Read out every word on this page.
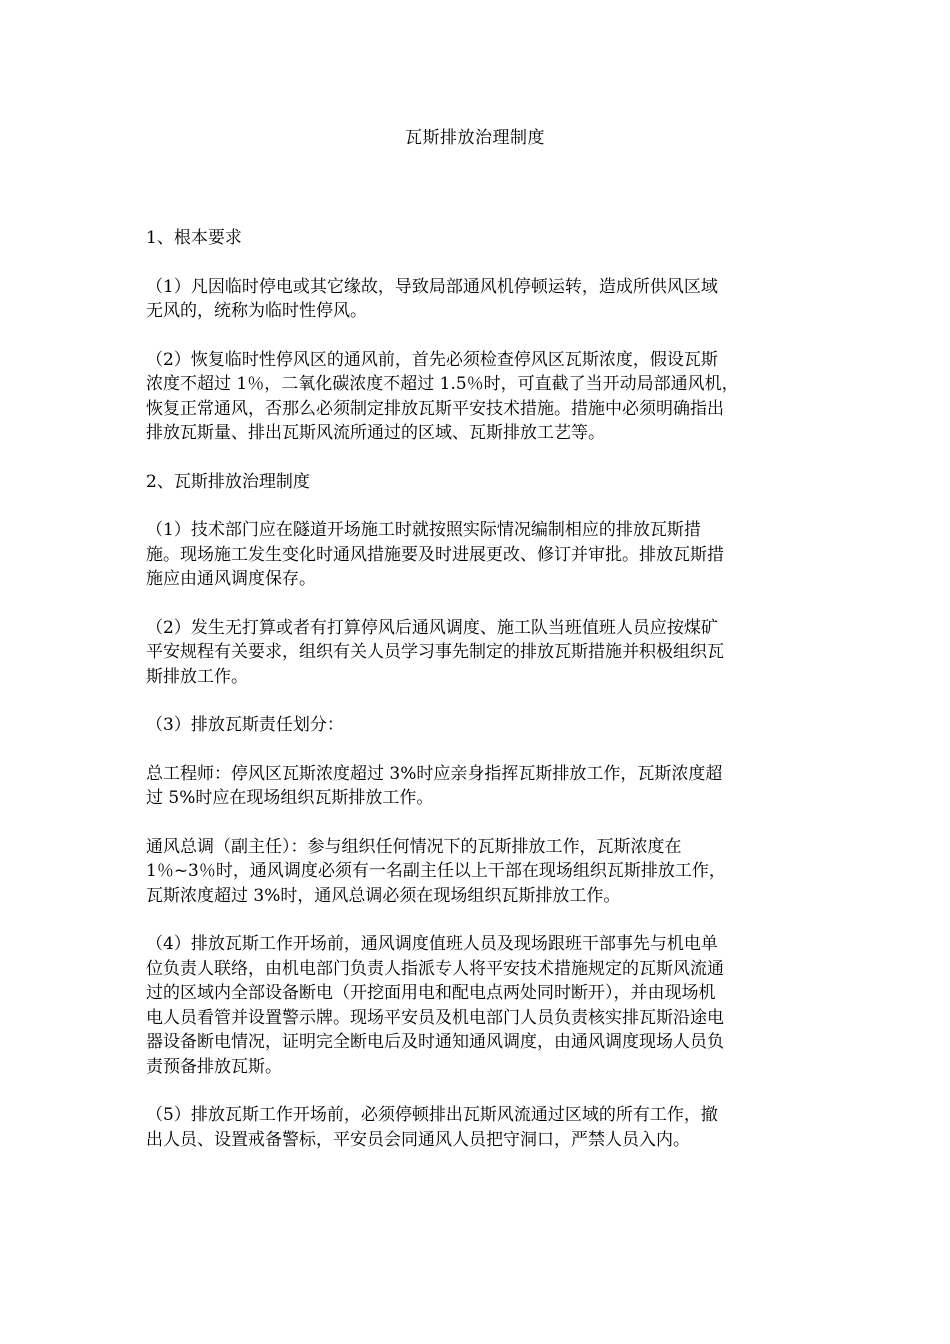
瓦斯排放治理制度

1、根本要求

（1）凡因临时停电或其它缘故，导致局部通风机停顿运转，造成所供风区域
无风的，统称为临时性停风。

（2）恢复临时性停风区的通风前，首先必须检查停风区瓦斯浓度，假设瓦斯
浓度不超过 1％，二氧化碳浓度不超过 1.5％时，可直截了当开动局部通风机，
恢复正常通风，否那么必须制定排放瓦斯平安技术措施。措施中必须明确指出
排放瓦斯量、排出瓦斯风流所通过的区域、瓦斯排放工艺等。

2、瓦斯排放治理制度

（1）技术部门应在隧道开场施工时就按照实际情况编制相应的排放瓦斯措
施。现场施工发生变化时通风措施要及时进展更改、修订并审批。排放瓦斯措
施应由通风调度保存。

（2）发生无打算或者有打算停风后通风调度、施工队当班值班人员应按煤矿
平安规程有关要求，组织有关人员学习事先制定的排放瓦斯措施并积极组织瓦
斯排放工作。

（3）排放瓦斯责任划分：

总工程师：停风区瓦斯浓度超过 3%时应亲身指挥瓦斯排放工作，瓦斯浓度超
过 5%时应在现场组织瓦斯排放工作。

通风总调（副主任）：参与组织任何情况下的瓦斯排放工作，瓦斯浓度在
1％~3％时，通风调度必须有一名副主任以上干部在现场组织瓦斯排放工作，
瓦斯浓度超过 3%时，通风总调必须在现场组织瓦斯排放工作。

（4）排放瓦斯工作开场前，通风调度值班人员及现场跟班干部事先与机电单
位负责人联络，由机电部门负责人指派专人将平安技术措施规定的瓦斯风流通
过的区域内全部设备断电（开挖面用电和配电点两处同时断开），并由现场机
电人员看管并设置警示牌。现场平安员及机电部门人员负责核实排瓦斯沿途电
器设备断电情况，证明完全断电后及时通知通风调度，由通风调度现场人员负
责预备排放瓦斯。

（5）排放瓦斯工作开场前，必须停顿排出瓦斯风流通过区域的所有工作，撤
出人员、设置戒备警标，平安员会同通风人员把守洞口，严禁人员入内。
